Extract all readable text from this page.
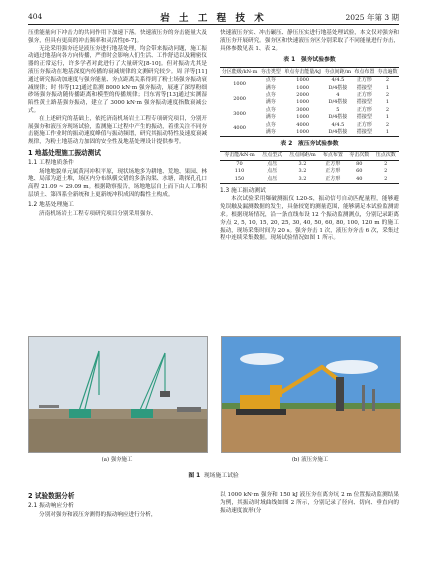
404	岩 土 工 程 技 术	2025 年第 3 期

压重能量向下冲击力的共同作用下加速下落。快速液压夯的夯击能量大及强夯，但具有更高的冲击频率和灵活性[6-7]。

无论采用强夯还是液压夯进行地基处理，均会带来振动问题，施工振动通过地基向各方向传播，严重时会影响人们生活、工作舒适以及精密仪器的正常运行，许多学者对此进行了大量研究[8-10]。但对振动尤其是液压夯振动在地基深度内传播的衰减规律的文测研究较少。周 洋等[11]通过研究振动加速度与强夯能量、夯点距离关系得到了粉土场强夯振动衰减规律；时 伟等[12]通过监测 8000 kN·m 强夯振动，展速了深厚粉细砂场强夯振动随传播距离和模型的传播规律；闫东霄等[13]通过实测湿陷性黄土路基强夯振动，建立了 3000 kN·m 强夯振动速度指数衰减公式。

在上述研究的基础上，依托济南机场岩土工程专项研究项目，分别开展强夯和液压夯现场试验，监测施工过程中产生的振动，着重关注不同夯击能施工作业时的振动速度峰值与振动频谱，研究其振动特性及速度衰减规律，为粉土地基动力加固的安全性及地基处理设计提供参考。

1 地基处理施工振动测试
1.1 工程地质条件

场地地貌单元属黄河冲积平原，现状场地多为耕地、荒地、果园、林地、局部为道土堆，场区内分布纵横交错的多条沟渠、水塘，勘探孔孔口高程 21.09 ~ 29.09 m。根据勘察报告，场地地层自上而下由人工堆积层填土、第四系全新统和上更新统冲积成因的黏性土构成。

1.2 地基处理施工

济南机场岩土工程专项研究项目分别采用强夯、

快速液压夯实、冲击碾压、静压压实进行地基处理试验，本文仅对强夯和液压夯开展研究。强夯区和快速液压夯区分别采取了不同能量进行夯击，具体参数见表 1、表 2。

表 1　强夯试验参数
分区能级/kN·m	夯击类型	单点夯击能量/kJ	夯点间距/m	布点布置	夯击遍数
1000	点夯	1000	4/4.5	正方形	2
	满夯	1000	D/4搭接	搭接型	1
2000	点夯	2000	4	正方形	2
	满夯	1000	D/4搭接	搭接型	1
3000	点夯	3000	5	正方形	2
	满夯	1000	D/4搭接	搭接型	1
4000	点夯	4000	4/4.5	正方形	2
	满夯	1000	D/4搭接	搭接型	1
表 2　液压夯试验参数
夯击能/kN·m	压点型式	压点间距/m	布点布置	夯击次数	压点次数
70	点压	3.2	正方形	80	2
110	点压	3.2	正方形	60	2
150	点压	3.2	正方形	40	2
1.3 施工振动测试

本次试验采用爆破测振仪 L20-S，振动信号自动匹配量程，能够避免误触及漏测数据的发生，具备较宽的测量范围，能够满足本试验监测需求。根据现场情况，沿一条直线布设 12 个振动监测测点，分别记录距离夯点 2, 5, 10, 15, 20, 25, 30, 40, 50, 60, 80, 100, 120 m 的施工振动，现场采集时间为 20 s。强夯夯击 1 次，液压夯夯击 6 次，采集过程中连续采集数据。现场试验情况如图 1 所示。

(a) 强夯施工	(b) 液压夯施工
图 1 现场施工试验
2 试验数据分析
2.1 振动响应分析

分别对强夯和液压夯测得的振动响应进行分析，

以 1000 kN·m 强夯和 150 kJ 液压夯在离夯坑 2 m 位置振动监测结果为例，其振动时域曲线如图 2 所示，分别记录了径向、切向、垂直向的振动速度波形(分
